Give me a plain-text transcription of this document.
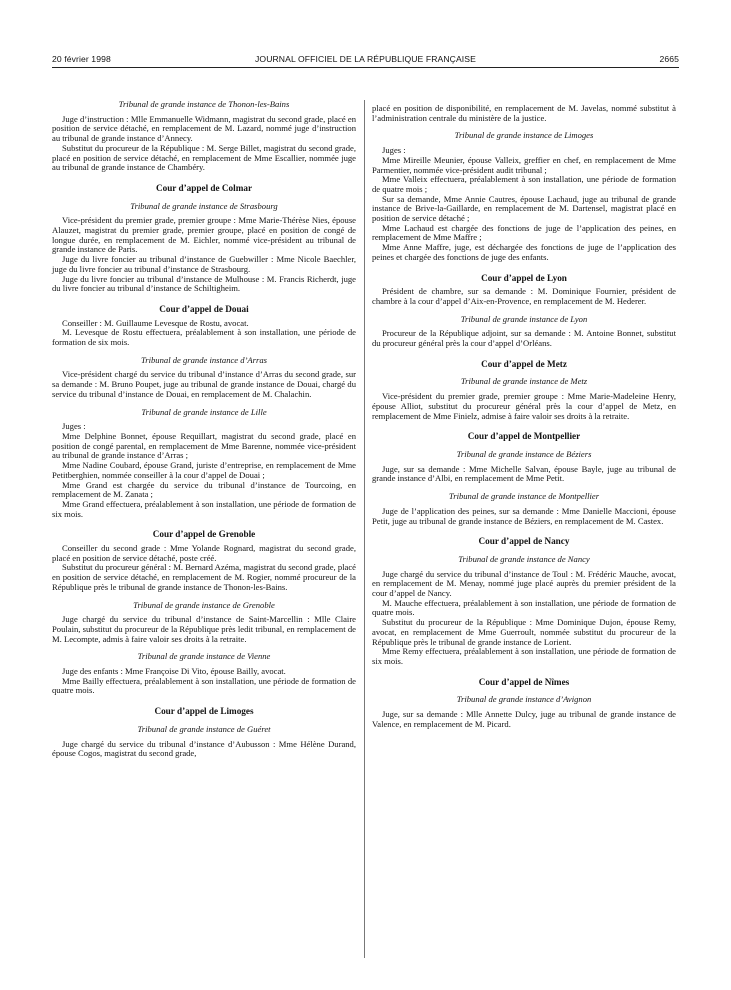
20 février 1998	JOURNAL OFFICIEL DE LA RÉPUBLIQUE FRANÇAISE	2665

Tribunal de grande instance de Thonon-les-Bains

Juge d’instruction : Mlle Emmanuelle Widmann, magistrat du second grade, placé en position de service détaché, en remplacement de M. Lazard, nommé juge d’instruction au tribunal de grande instance d’Annecy.

Substitut du procureur de la République : M. Serge Billet, magistrat du second grade, placé en position de service détaché, en remplacement de Mme Escallier, nommée juge au tribunal de grande instance de Chambéry.

Cour d’appel de Colmar

Tribunal de grande instance de Strasbourg

Vice-président du premier grade, premier groupe : Mme Marie-Thérèse Nies, épouse Alauzet, magistrat du premier grade, premier groupe, placé en position de congé de longue durée, en remplacement de M. Eichler, nommé vice-président au tribunal de grande instance de Paris.

Juge du livre foncier au tribunal d’instance de Guebwiller : Mme Nicole Baechler, juge du livre foncier au tribunal d’instance de Strasbourg.

Juge du livre foncier au tribunal d’instance de Mulhouse : M. Francis Richerdt, juge du livre foncier au tribunal d’instance de Schiltigheim.

Cour d’appel de Douai

Conseiller : M. Guillaume Levesque de Rostu, avocat.

M. Levesque de Rostu effectuera, préalablement à son installation, une période de formation de six mois.

Tribunal de grande instance d’Arras

Vice-président chargé du service du tribunal d’instance d’Arras du second grade, sur sa demande : M. Bruno Poupet, juge au tribunal de grande instance de Douai, chargé du service du tribunal d’instance de Douai, en remplacement de M. Chalachin.

Tribunal de grande instance de Lille

Juges :

Mme Delphine Bonnet, épouse Requillart, magistrat du second grade, placé en position de congé parental, en remplacement de Mme Barenne, nommée vice-président au tribunal de grande instance d’Arras ;

Mme Nadine Coubard, épouse Grand, juriste d’entreprise, en remplacement de Mme Petitberghien, nommée conseiller à la cour d’appel de Douai ;

Mme Grand est chargée du service du tribunal d’instance de Tourcoing, en remplacement de M. Zanata ;

Mme Grand effectuera, préalablement à son installation, une période de formation de six mois.

Cour d’appel de Grenoble

Conseiller du second grade : Mme Yolande Rognard, magistrat du second grade, placé en position de service détaché, poste créé.

Substitut du procureur général : M. Bernard Azéma, magistrat du second grade, placé en position de service détaché, en remplacement de M. Rogier, nommé procureur de la République près le tribunal de grande instance de Thonon-les-Bains.

Tribunal de grande instance de Grenoble

Juge chargé du service du tribunal d’instance de Saint-Marcellin : Mlle Claire Poulain, substitut du procureur de la République près ledit tribunal, en remplacement de M. Lecompte, admis à faire valoir ses droits à la retraite.

Tribunal de grande instance de Vienne

Juge des enfants : Mme Françoise Di Vito, épouse Bailly, avocat.

Mme Bailly effectuera, préalablement à son installation, une période de formation de quatre mois.

Cour d’appel de Limoges

Tribunal de grande instance de Guéret

Juge chargé du service du tribunal d’instance d’Aubusson : Mme Hélène Durand, épouse Cogos, magistrat du second grade,

placé en position de disponibilité, en remplacement de M. Javelas, nommé substitut à l’administration centrale du ministère de la justice.

Tribunal de grande instance de Limoges

Juges :

Mme Mireille Meunier, épouse Valleix, greffier en chef, en remplacement de Mme Parmentier, nommée vice-président audit tribunal ;

Mme Valleix effectuera, préalablement à son installation, une période de formation de quatre mois ;

Sur sa demande, Mme Annie Cautres, épouse Lachaud, juge au tribunal de grande instance de Brive-la-Gaillarde, en remplacement de M. Dartensel, magistrat placé en position de service détaché ;

Mme Lachaud est chargée des fonctions de juge de l’application des peines, en remplacement de Mme Maffre ;

Mme Anne Maffre, juge, est déchargée des fonctions de juge de l’application des peines et chargée des fonctions de juge des enfants.

Cour d’appel de Lyon

Président de chambre, sur sa demande : M. Dominique Fournier, président de chambre à la cour d’appel d’Aix-en-Provence, en remplacement de M. Hederer.

Tribunal de grande instance de Lyon

Procureur de la République adjoint, sur sa demande : M. Antoine Bonnet, substitut du procureur général près la cour d’appel d’Orléans.

Cour d’appel de Metz

Tribunal de grande instance de Metz

Vice-président du premier grade, premier groupe : Mme Marie-Madeleine Henry, épouse Alliot, substitut du procureur général près la cour d’appel de Metz, en remplacement de Mme Finielz, admise à faire valoir ses droits à la retraite.

Cour d’appel de Montpellier

Tribunal de grande instance de Béziers

Juge, sur sa demande : Mme Michelle Salvan, épouse Bayle, juge au tribunal de grande instance d’Albi, en remplacement de Mme Petit.

Tribunal de grande instance de Montpellier

Juge de l’application des peines, sur sa demande : Mme Danielle Maccioni, épouse Petit, juge au tribunal de grande instance de Béziers, en remplacement de M. Castex.

Cour d’appel de Nancy

Tribunal de grande instance de Nancy

Juge chargé du service du tribunal d’instance de Toul : M. Frédéric Mauche, avocat, en remplacement de M. Menay, nommé juge placé auprès du premier président de la cour d’appel de Nancy.

M. Mauche effectuera, préalablement à son installation, une période de formation de quatre mois.

Substitut du procureur de la République : Mme Dominique Dujon, épouse Remy, avocat, en remplacement de Mme Guerroult, nommée substitut du procureur de la République près le tribunal de grande instance de Lorient.

Mme Remy effectuera, préalablement à son installation, une période de formation de six mois.

Cour d’appel de Nîmes

Tribunal de grande instance d’Avignon

Juge, sur sa demande : Mlle Annette Dulcy, juge au tribunal de grande instance de Valence, en remplacement de M. Picard.
